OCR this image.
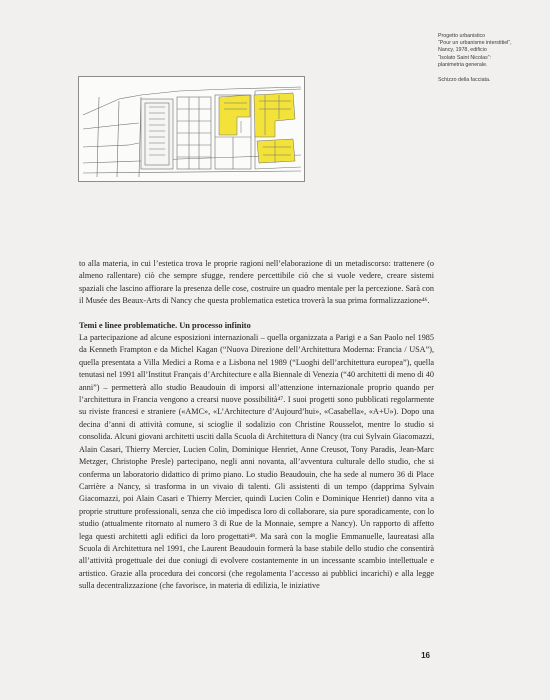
Progetto urbanistico

“Pour un urbanisme interstitiel”,

Nancy, 1978, edificio

“Isolato Saint Nicolas”:

planimetria generale.

Schizzo della facciata.

to alla materia, in cui l’estetica trova le proprie ragioni nell’elaborazione di un metadiscorso: trattenere (o almeno rallentare) ciò che sempre sfugge, rendere percettibile ciò che si vuole vedere, creare sistemi spaziali che lascino affiorare la presenza delle cose, costruire un quadro mentale per la percezione. Sarà con il Musée des Beaux-Arts di Nancy che questa problematica estetica troverà la sua prima formalizzazione⁴⁶.

Temi e linee problematiche. Un processo infinito

La partecipazione ad alcune esposizioni internazionali – quella organizzata a Parigi e a San Paolo nel 1985 da Kenneth Frampton e da Michel Kagan (“Nuova Direzione dell’Architettura Moderna: Francia / USA”), quella presentata a Villa Medici a Roma e a Lisbona nel 1989 (“Luoghi dell’architettura europea”), quella tenutasi nel 1991 all’Institut Français d’Architecture e alla Biennale di Venezia (“40 architetti di meno di 40 anni”) – permetterà allo studio Beaudouin di imporsi all’attenzione internazionale proprio quando per l’architettura in Francia vengono a crearsi nuove possibilità⁴⁷. I suoi progetti sono pubblicati regolarmente su riviste francesi e straniere («AMC», «L’Architecture d’Aujourd’hui», «Casabella», «A+U»). Dopo una decina d’anni di attività comune, si scioglie il sodalizio con Christine Rousselot, mentre lo studio si consolida. Alcuni giovani architetti usciti dalla Scuola di Architettura di Nancy (tra cui Sylvain Giacomazzi, Alain Casari, Thierry Mercier, Lucien Colin, Dominique Henriet, Anne Creusot, Tony Paradis, Jean-Marc Metzger, Christophe Presle) partecipano, negli anni novanta, all’avventura culturale dello studio, che si conferma un laboratorio didattico di primo piano. Lo studio Beaudouin, che ha sede al numero 36 di Place Carrière a Nancy, si trasforma in un vivaio di talenti. Gli assistenti di un tempo (dapprima Sylvain Giacomazzi, poi Alain Casari e Thierry Mercier, quindi Lucien Colin e Dominique Henriet) danno vita a proprie strutture professionali, senza che ciò impedisca loro di collaborare, sia pure sporadicamente, con lo studio (attualmente ritornato al numero 3 di Rue de la Monnaie, sempre a Nancy). Un rapporto di affetto lega questi architetti agli edifici da loro progettati⁴⁸. Ma sarà con la moglie Emmanuelle, laureatasi alla Scuola di Architettura nel 1991, che Laurent Beaudouin formerà la base stabile dello studio che consentirà all’attività progettuale dei due coniugi di evolvere costantemente in un incessante scambio intellettuale e artistico. Grazie alla procedura dei concorsi (che regolamenta l’accesso ai pubblici incarichi) e alla legge sulla decentralizzazione (che favorisce, in materia di edilizia, le iniziative

16
